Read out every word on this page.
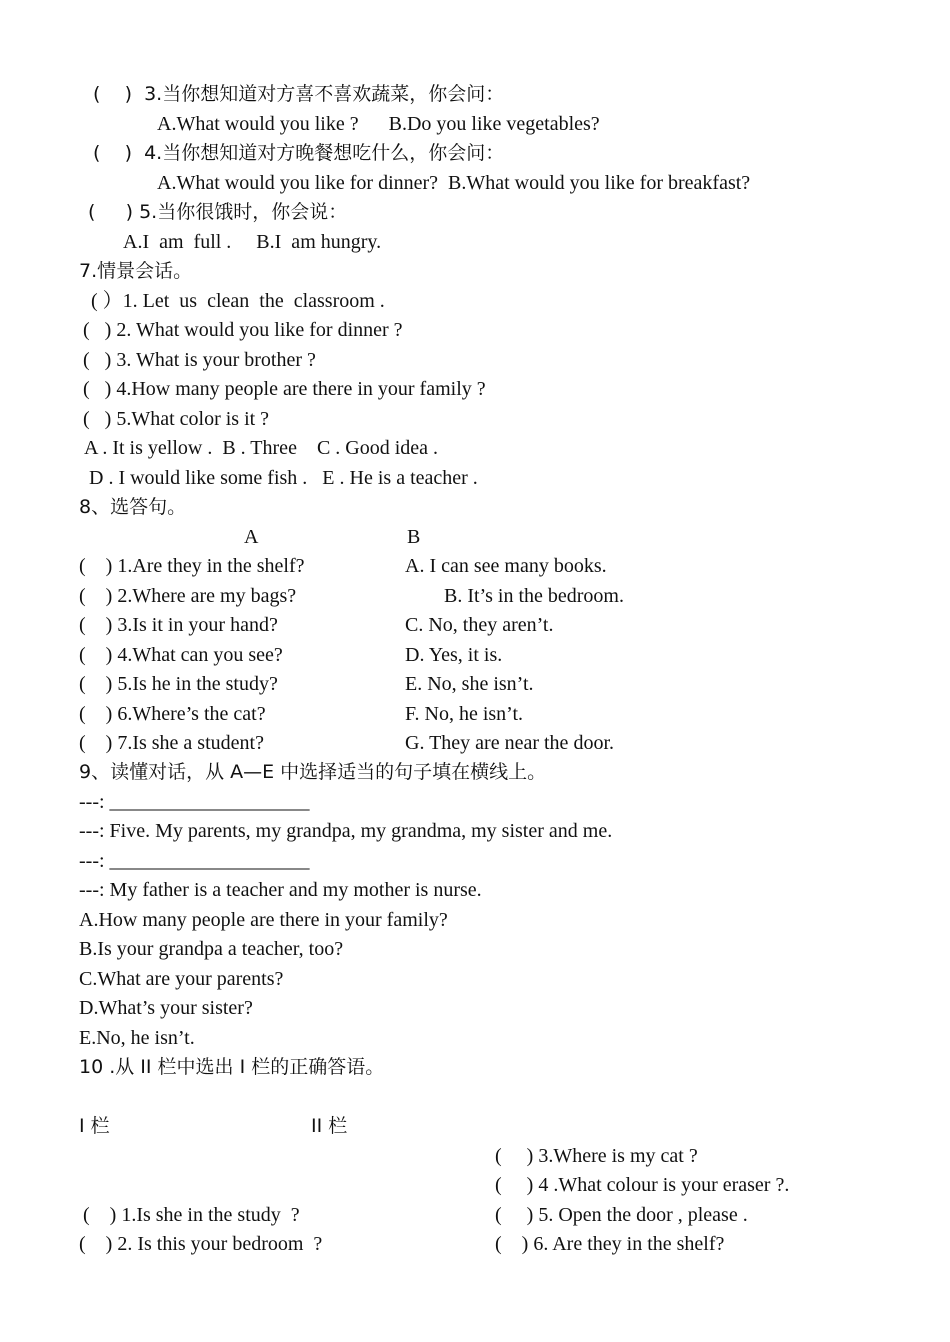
(    )  3.当你想知道对方喜不喜欢蔬菜，你会问：
A.What would you like ?      B.Do you like vegetables?
(    )  4.当你想知道对方晚餐想吃什么，你会问：
A.What would you like for dinner?  B.What would you like for breakfast?
(     ) 5.当你很饿时，你会说：
A.I  am  full .     B.I  am hungry.
7.情景会话。
( ）1. Let  us  clean  the  classroom .
(   ) 2. What would you like for dinner ?
(   ) 3. What is your brother ?
(   ) 4.How many people are there in your family ?
(   ) 5.What color is it ?
A . It is yellow .  B . Three    C . Good idea .
D . I would like some fish .   E . He is a teacher .
8、选答句。
A	B
(    ) 1.Are they in the shelf?
(    ) 2.Where are my bags?
(    ) 3.Is it in your hand?
(    ) 4.What can you see?
(    ) 5.Is he in the study?
(    ) 6.Where’s the cat?
(    ) 7.Is she a student?
A. I can see many books.
B. It’s in the bedroom.
C. No, they aren’t.
D. Yes, it is.
E. No, she isn’t.
F. No, he isn’t.
G. They are near the door.
9、读懂对话，从 A—E 中选择适当的句子填在横线上。
---: ____________________
---: Five. My parents, my grandpa, my grandma, my sister and me.
---: ____________________
---: My father is a teacher and my mother is nurse.
A.How many people are there in your family?
B.Is your grandpa a teacher, too?
C.What are your parents?
D.What’s your sister?
E.No, he isn’t.
10 .从 II 栏中选出 I 栏的正确答语。
I 栏	II 栏
(     ) 3.Where is my cat ?
(     ) 4 .What colour is your eraser ?.
(     ) 5. Open the door , please .
(    ) 6. Are they in the shelf?
(    ) 1.Is she in the study  ?
(    ) 2. Is this your bedroom  ?
